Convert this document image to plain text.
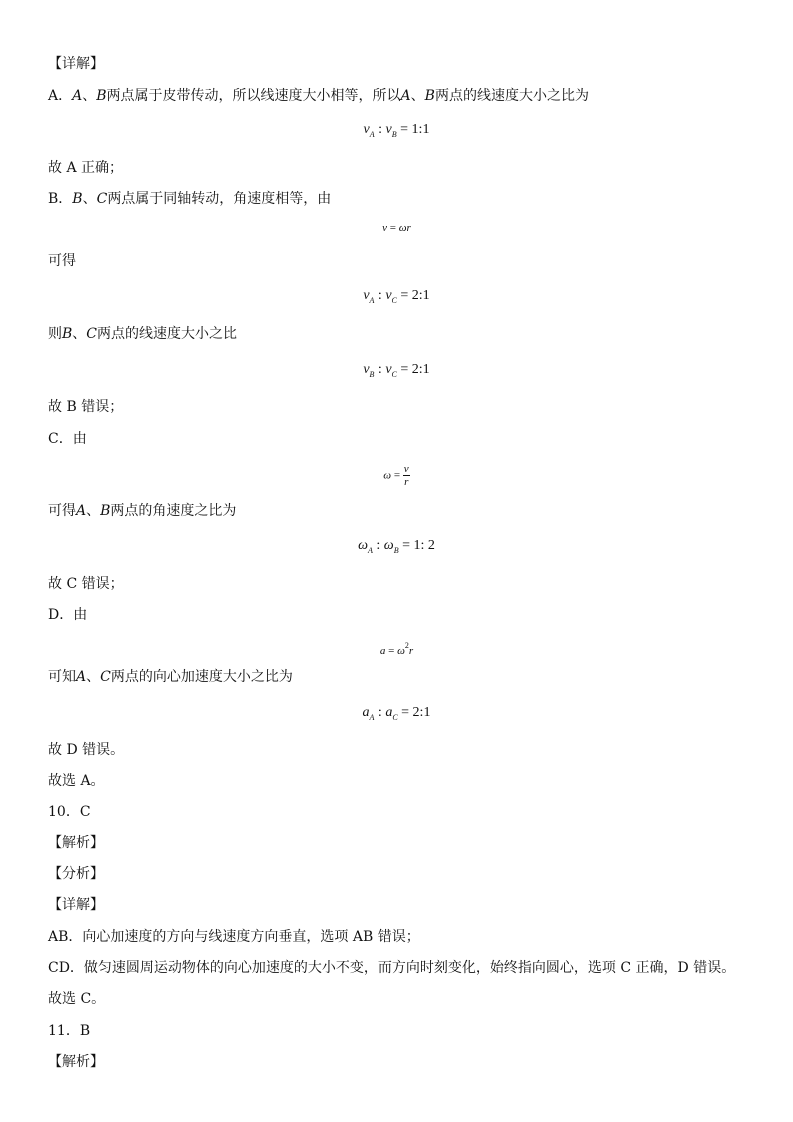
【详解】
A．A、B两点属于皮带传动，所以线速度大小相等，所以A、B两点的线速度大小之比为
$v_A$ : $v_B$ = 1:1
故 A 正确；
B．B、C两点属于同轴转动，角速度相等，由
v = ωr
可得
$v_A$ : $v_C$ = 2:1
则B、C两点的线速度大小之比
$v_B$ : $v_C$ = 2:1
故 B 错误；
C．由
$\omega = \frac{v}{r}$
可得A、B两点的角速度之比为
$\omega_A$ : $\omega_B = 1$: 2
故 C 错误；
D．由
$a = \omega^2r$
可知A、C两点的向心加速度大小之比为
$a_A$ : $a_C$ = 2:1
故 D 错误。
故选 A。
10．C
【解析】
【分析】
【详解】
AB．向心加速度的方向与线速度方向垂直，选项 AB 错误；
CD．做匀速圆周运动物体的向心加速度的大小不变，而方向时刻变化，始终指向圆心，选项 C 正确，D 错误。
故选 C。
11．B
【解析】
